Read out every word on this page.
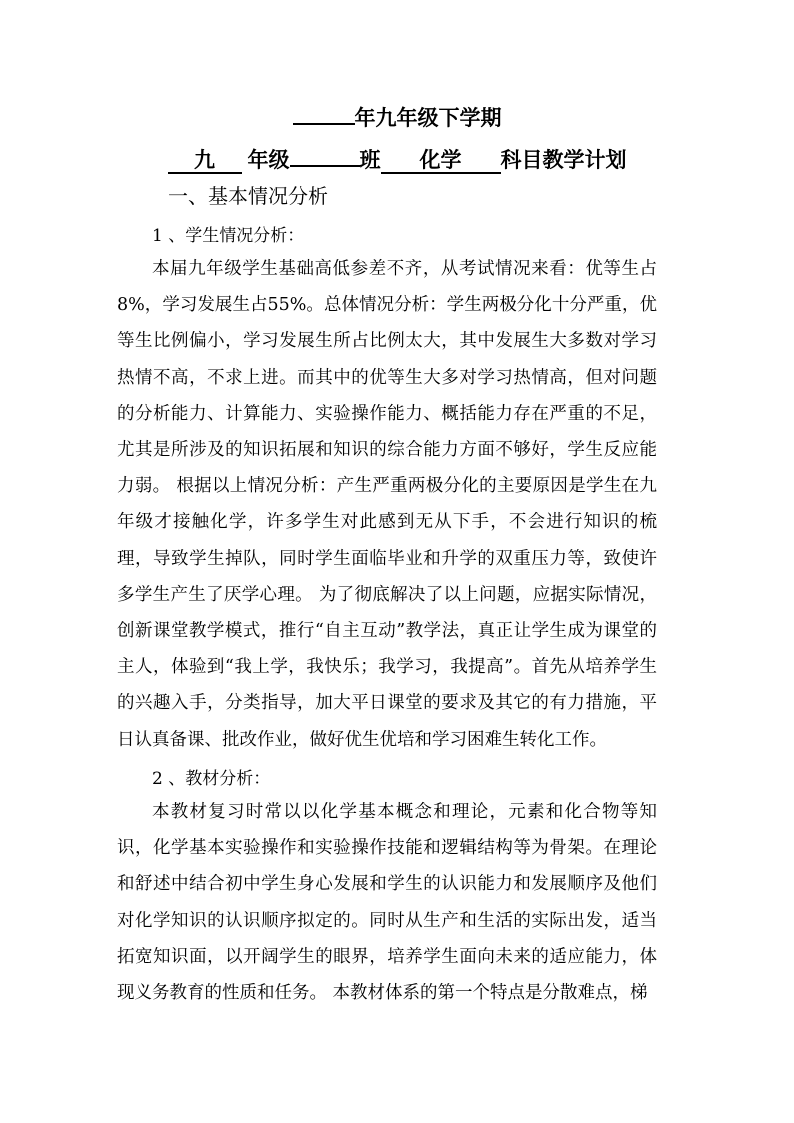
年九年级下学期
九 年级	班 化学 科目教学计划
一、基本情况分析
1 、学生情况分析：

本届九年级学生基础高低参差不齐，从考试情况来看：优等生占8%，学习发展生占55%。总体情况分析：学生两极分化十分严重，优等生比例偏小，学习发展生所占比例太大，其中发展生大多数对学习热情不高，不求上进。而其中的优等生大多对学习热情高，但对问题的分析能力、计算能力、实验操作能力、概括能力存在严重的不足，尤其是所涉及的知识拓展和知识的综合能力方面不够好，学生反应能力弱。 根据以上情况分析：产生严重两极分化的主要原因是学生在九年级才接触化学，许多学生对此感到无从下手，不会进行知识的梳理，导致学生掉队，同时学生面临毕业和升学的双重压力等，致使许多学生产生了厌学心理。 为了彻底解决了以上问题，应据实际情况，创新课堂教学模式，推行“自主互动”教学法，真正让学生成为课堂的主人，体验到“我上学，我快乐；我学习，我提高”。首先从培养学生的兴趣入手，分类指导，加大平日课堂的要求及其它的有力措施，平日认真备课、批改作业，做好优生优培和学习困难生转化工作。

2 、教材分析：

本教材复习时常以以化学基本概念和理论，元素和化合物等知识，化学基本实验操作和实验操作技能和逻辑结构等为骨架。在理论和舒述中结合初中学生身心发展和学生的认识能力和发展顺序及他们对化学知识的认识顺序拟定的。同时从生产和生活的实际出发，适当拓宽知识面，以开阔学生的眼界，培养学生面向未来的适应能力，体现义务教育的性质和任务。 本教材体系的第一个特点是分散难点，梯
